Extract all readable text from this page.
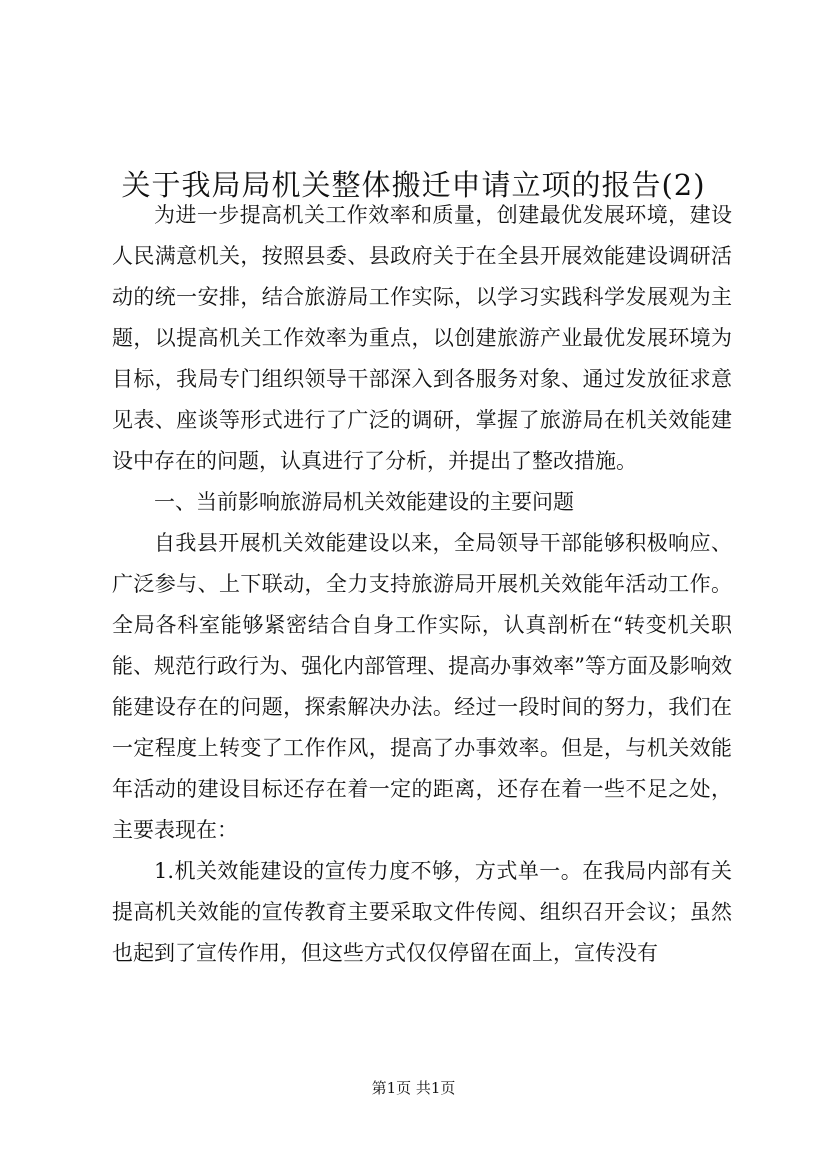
关于我局局机关整体搬迁申请立项的报告(2)

为进一步提高机关工作效率和质量，创建最优发展环境，建设人民满意机关，按照县委、县政府关于在全县开展效能建设调研活动的统一安排，结合旅游局工作实际，以学习实践科学发展观为主题，以提高机关工作效率为重点，以创建旅游产业最优发展环境为目标，我局专门组织领导干部深入到各服务对象、通过发放征求意见表、座谈等形式进行了广泛的调研，掌握了旅游局在机关效能建设中存在的问题，认真进行了分析，并提出了整改措施。

一、当前影响旅游局机关效能建设的主要问题

自我县开展机关效能建设以来，全局领导干部能够积极响应、广泛参与、上下联动，全力支持旅游局开展机关效能年活动工作。全局各科室能够紧密结合自身工作实际，认真剖析在“转变机关职能、规范行政行为、强化内部管理、提高办事效率”等方面及影响效能建设存在的问题，探索解决办法。经过一段时间的努力，我们在一定程度上转变了工作作风，提高了办事效率。但是，与机关效能年活动的建设目标还存在着一定的距离，还存在着一些不足之处，主要表现在：

1.机关效能建设的宣传力度不够，方式单一。在我局内部有关提高机关效能的宣传教育主要采取文件传阅、组织召开会议；虽然也起到了宣传作用，但这些方式仅仅停留在面上，宣传没有

第1页 共1页
